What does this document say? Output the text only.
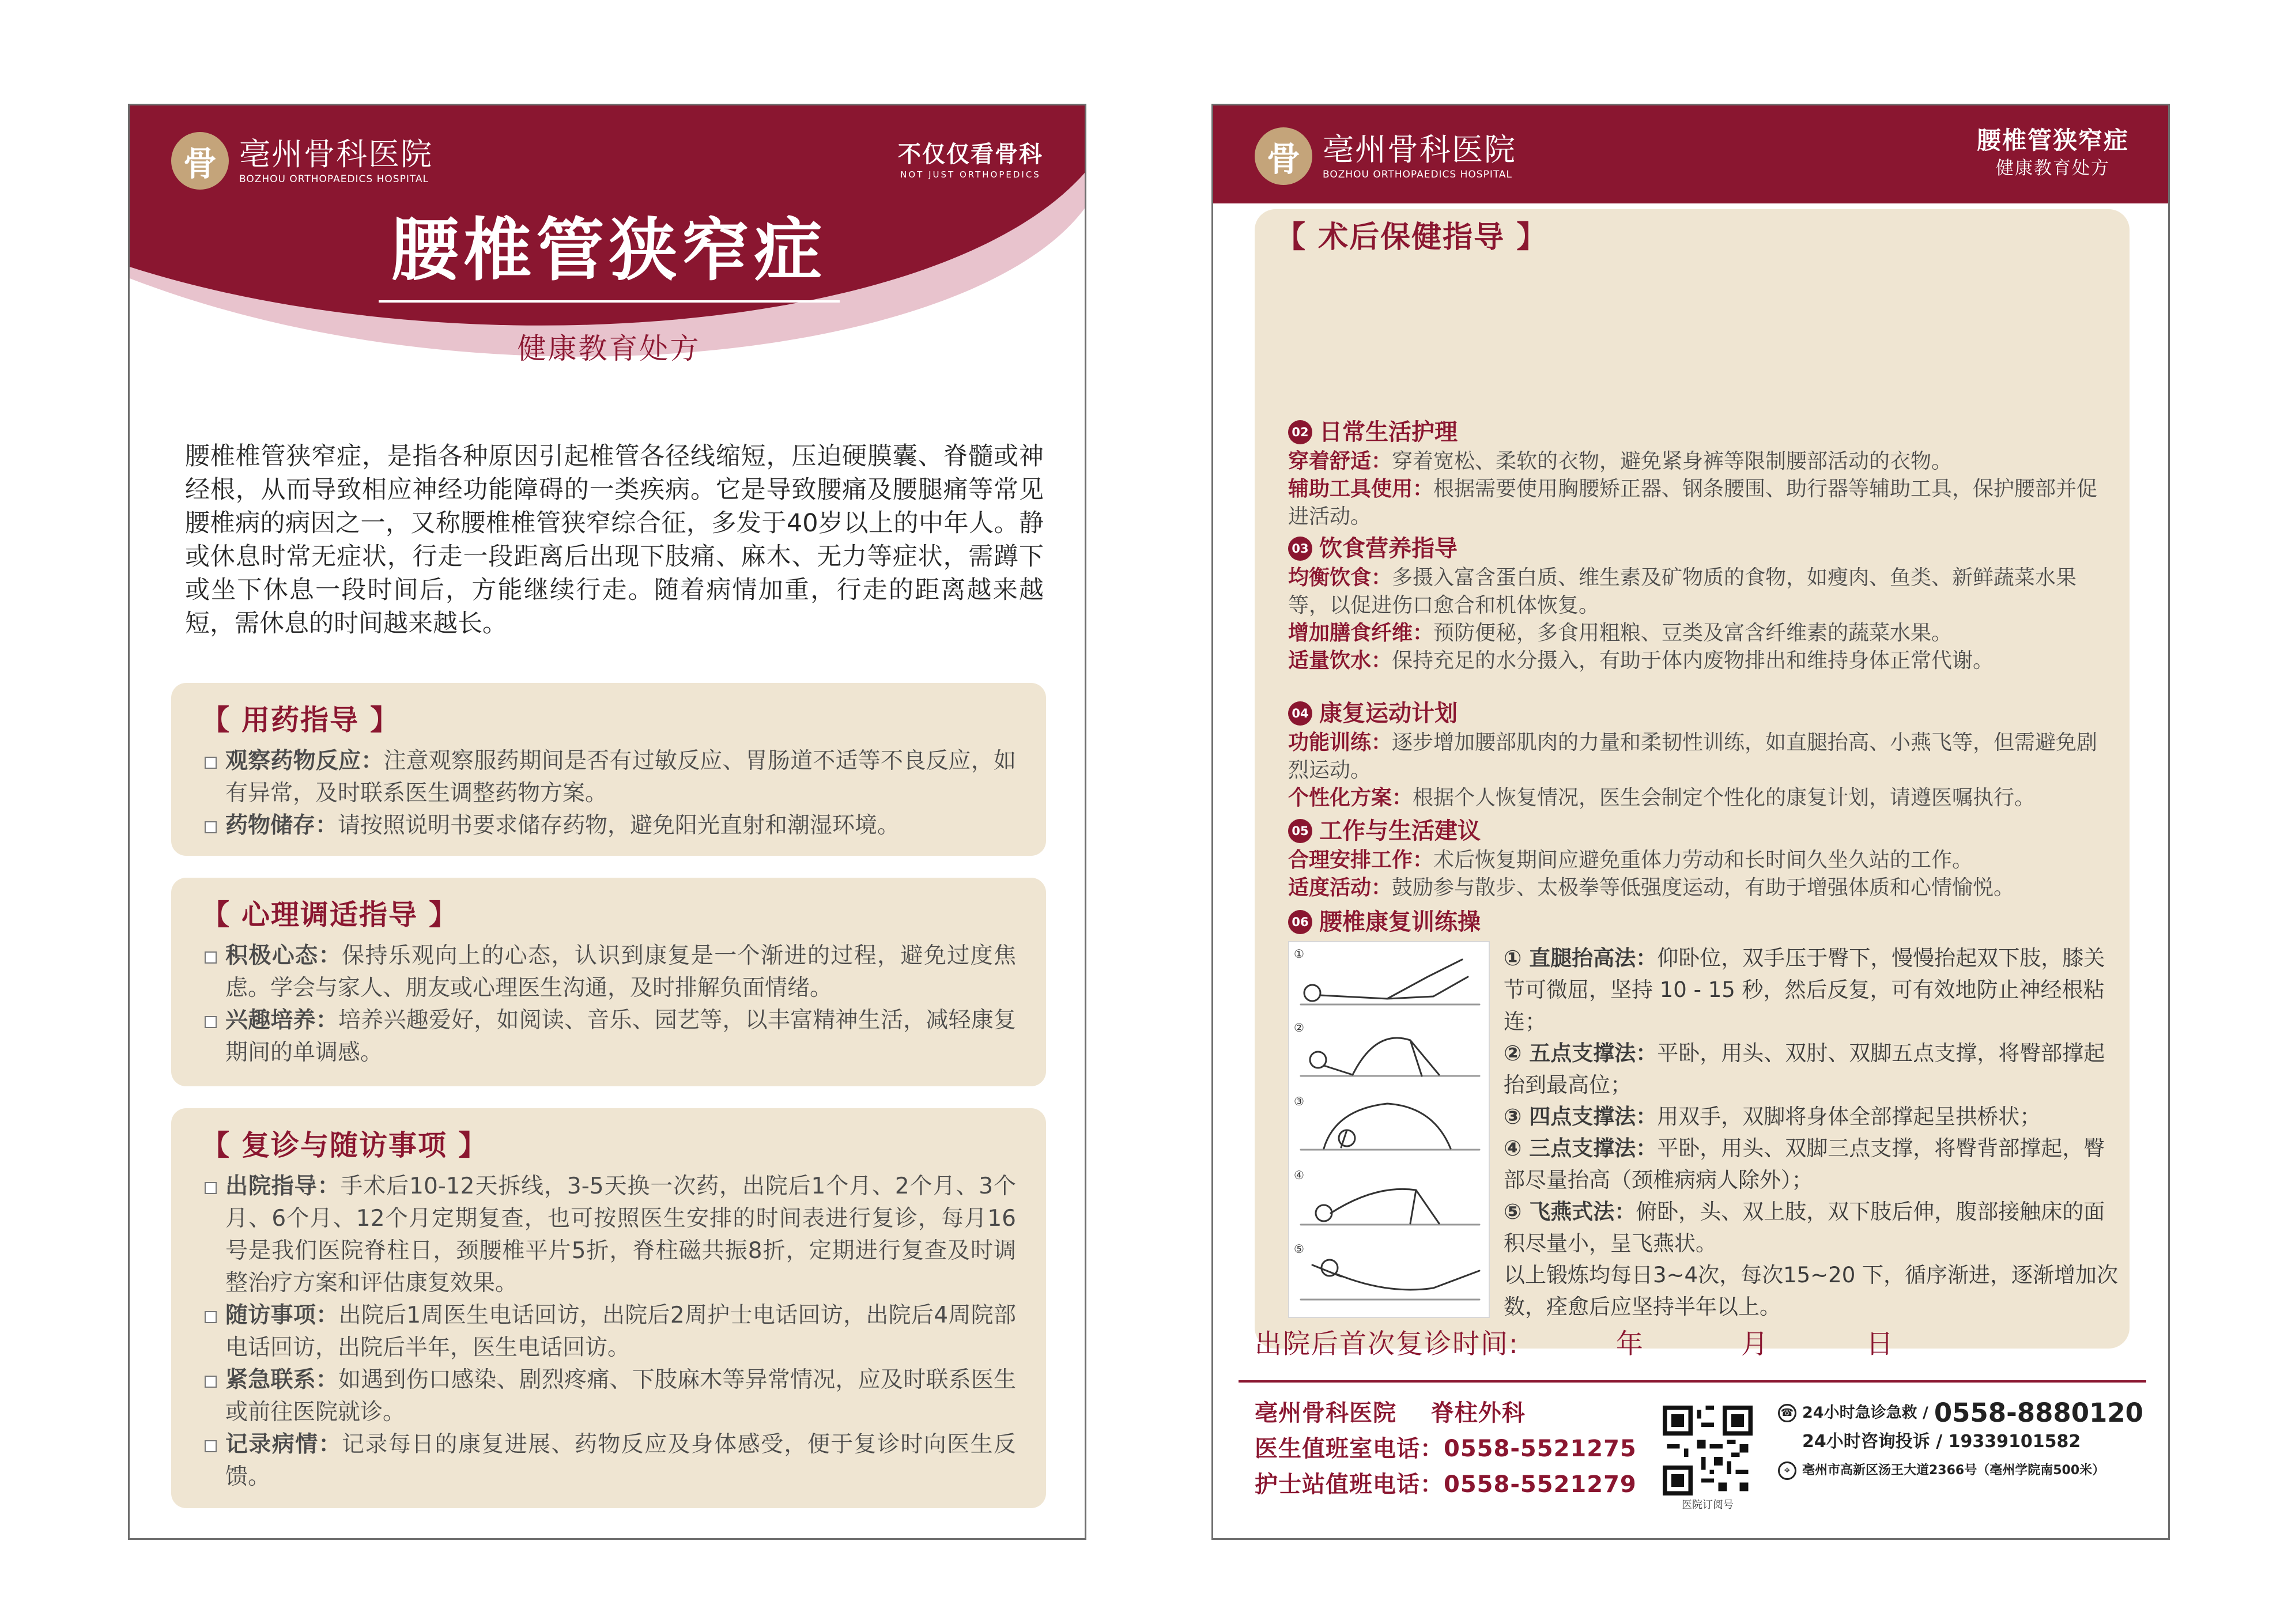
骨 亳州骨科医院
BOZHOU ORTHOPAEDICS HOSPITAL
不仅仅看骨科
NOT JUST ORTHOPEDICS
腰椎管狭窄症
健康教育处方
腰椎椎管狭窄症，是指各种原因引起椎管各径线缩短，压迫硬膜囊、脊髓或神经根，从而导致相应神经功能障碍的一类疾病。它是导致腰痛及腰腿痛等常见腰椎病的病因之一，又称腰椎椎管狭窄综合征，多发于40岁以上的中年人。静或休息时常无症状，行走一段距离后出现下肢痛、麻木、无力等症状，需蹲下或坐下休息一段时间后，方能继续行走。随着病情加重，行走的距离越来越短，需休息的时间越来越长。
【 用药指导 】
观察药物反应：注意观察服药期间是否有过敏反应、胃肠道不适等不良反应，如有异常，及时联系医生调整药物方案。
药物储存：请按照说明书要求储存药物，避免阳光直射和潮湿环境。
【 心理调适指导 】
积极心态：保持乐观向上的心态，认识到康复是一个渐进的过程，避免过度焦虑。学会与家人、朋友或心理医生沟通，及时排解负面情绪。
兴趣培养：培养兴趣爱好，如阅读、音乐、园艺等，以丰富精神生活，减轻康复期间的单调感。
【 复诊与随访事项 】
出院指导：手术后10-12天拆线，3-5天换一次药，出院后1个月、2个月、3个月、6个月、12个月定期复查，也可按照医生安排的时间表进行复诊，每月16号是我们医院脊柱日，颈腰椎平片5折，脊柱磁共振8折，定期进行复查及时调整治疗方案和评估康复效果。
随访事项：出院后1周医生电话回访，出院后2周护士电话回访，出院后4周院部电话回访，出院后半年，医生电话回访。
紧急联系：如遇到伤口感染、剧烈疼痛、下肢麻木等异常情况，应及时联系医生或前往医院就诊。
记录病情：记录每日的康复进展、药物反应及身体感受，便于复诊时向医生反馈。
骨 亳州骨科医院
BOZHOU ORTHOPAEDICS HOSPITAL
腰椎管狭窄症
健康教育处方
【 术后保健指导 】
02 日常生活护理
穿着舒适：穿着宽松、柔软的衣物，避免紧身裤等限制腰部活动的衣物。
辅助工具使用：根据需要使用胸腰矫正器、钢条腰围、助行器等辅助工具，保护腰部并促进活动。
03 饮食营养指导
均衡饮食：多摄入富含蛋白质、维生素及矿物质的食物，如瘦肉、鱼类、新鲜蔬菜水果等，以促进伤口愈合和机体恢复。
增加膳食纤维：预防便秘，多食用粗粮、豆类及富含纤维素的蔬菜水果。
适量饮水：保持充足的水分摄入，有助于体内废物排出和维持身体正常代谢。
04 康复运动计划
功能训练：逐步增加腰部肌肉的力量和柔韧性训练，如直腿抬高、小燕飞等，但需避免剧烈运动。
个性化方案：根据个人恢复情况，医生会制定个性化的康复计划，请遵医嘱执行。
05 工作与生活建议
合理安排工作：术后恢复期间应避免重体力劳动和长时间久坐久站的工作。
适度活动：鼓励参与散步、太极拳等低强度运动，有助于增强体质和心情愉悦。
06 腰椎康复训练操
①
②
③
④
⑤
① 直腿抬高法：仰卧位，双手压于臀下，慢慢抬起双下肢，膝关节可微屈，坚持 10 - 15 秒，然后反复，可有效地防止神经根粘连；
② 五点支撑法：平卧，用头、双肘、双脚五点支撑，将臀部撑起抬到最高位；
③ 四点支撑法：用双手，双脚将身体全部撑起呈拱桥状；
④ 三点支撑法：平卧，用头、双脚三点支撑，将臀背部撑起，臀部尽量抬高（颈椎病病人除外）；
⑤ 飞燕式法：俯卧，头、双上肢，双下肢后伸，腹部接触床的面积尽量小，呈飞燕状。
以上锻炼均每日3~4次，每次15~20 下，循序渐进，逐渐增加次数，痊愈后应坚持半年以上。
出院后首次复诊时间:	年	月	日
亳州骨科医院 脊柱外科
医生值班室电话：0558-5521275
护士站值班电话：0558-5521279
医院订阅号
☎ 24小时急诊急救 / 0558-8880120
24小时咨询投诉 / 19339101582
⌖ 亳州市高新区汤王大道2366号（亳州学院南500米）
